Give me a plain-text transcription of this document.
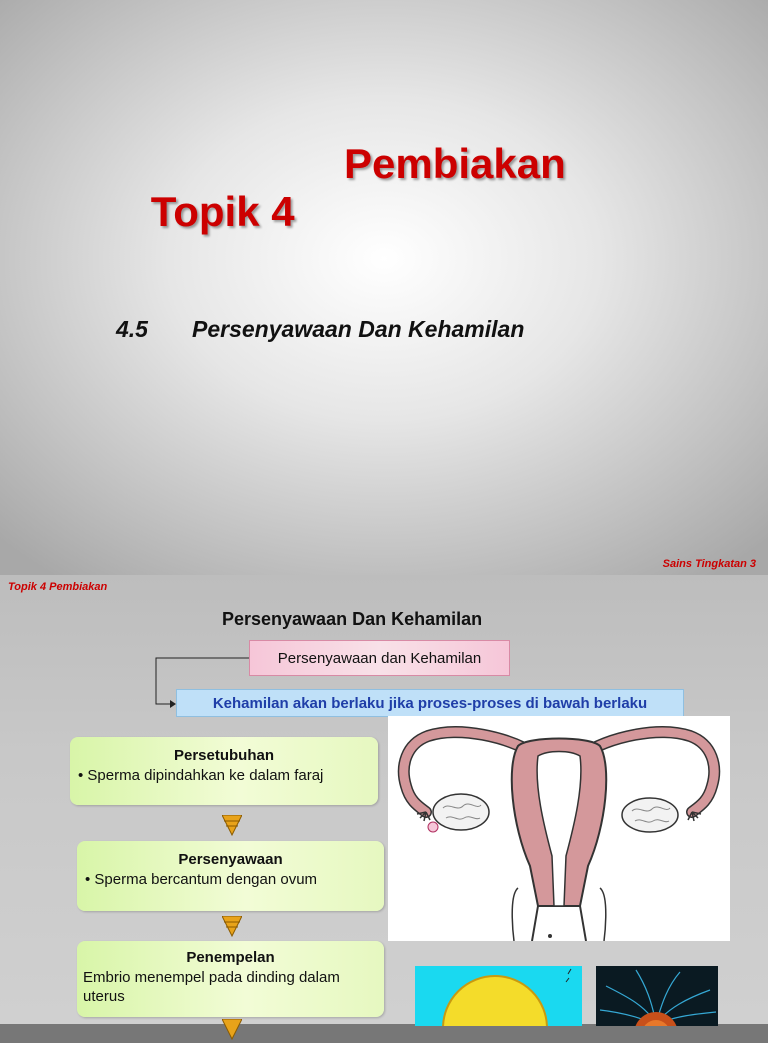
Topik 4

Pembiakan

4.5 Persenyawaan Dan Kehamilan
Sains Tingkatan 3
Topik 4 Pembiakan
Persenyawaan Dan Kehamilan
Persenyawaan dan Kehamilan
Kehamilan akan berlaku jika proses-proses di bawah berlaku
Persetubuhan
• Sperma dipindahkan ke dalam faraj
Persenyawaan
• Sperma bercantum dengan ovum
Penempelan
Embrio menempel pada dinding dalam uterus
